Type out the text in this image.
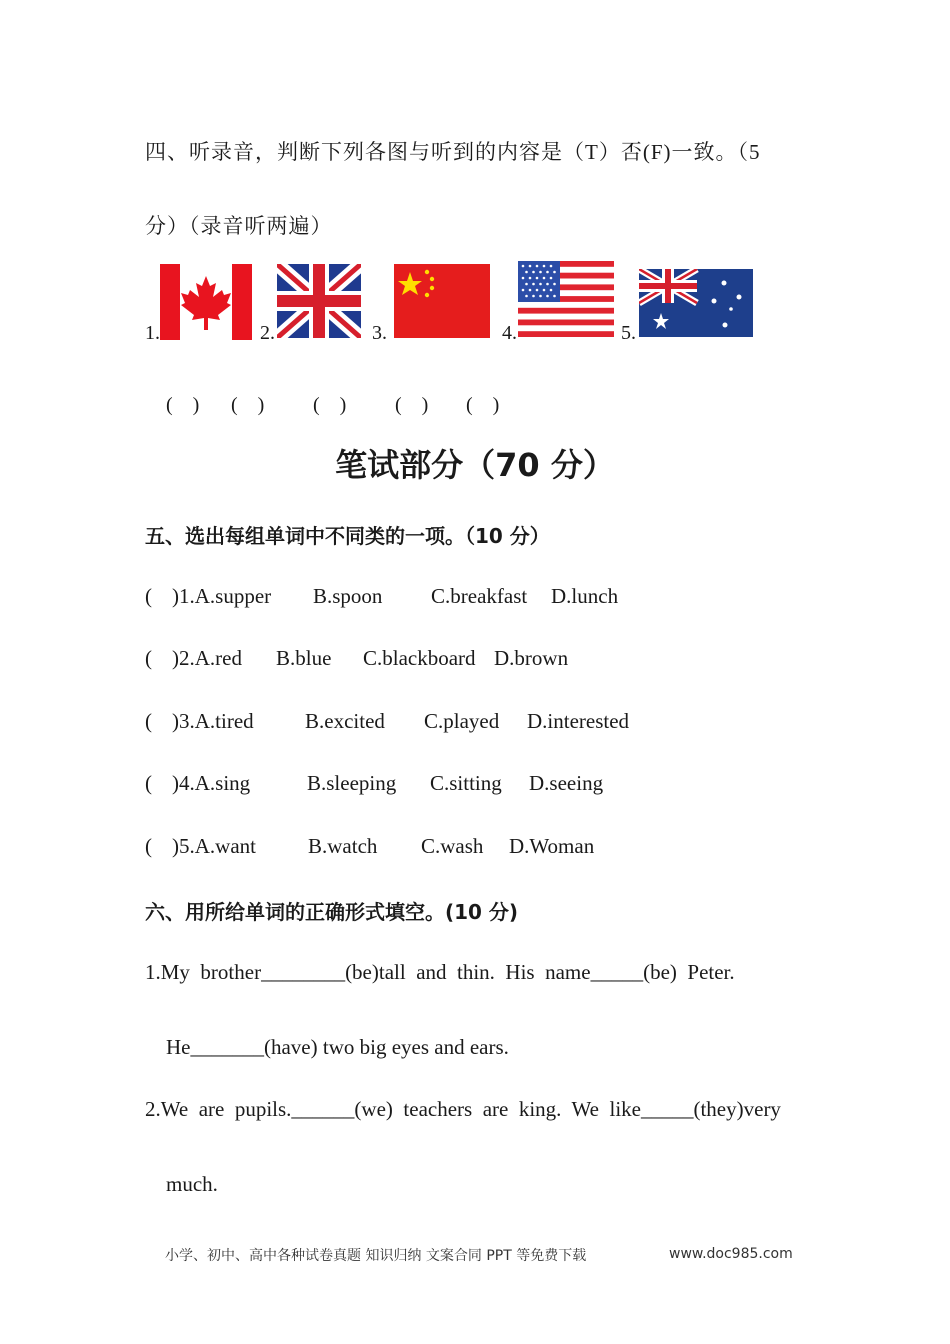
四、听录音，判断下列各图与听到的内容是（T）否(F)一致。（5
分）（录音听两遍）
1.	2.	3.	4.	5.
(　) (　) (　) (　) (　)
笔试部分（70 分）
五、选出每组单词中不同类的一项。（10 分）
( )1.A.supper B.spoon C.breakfast D.lunch
( )2.A.red B.blue C.blackboard D.brown
( )3.A.tired B.excited C.played D.interested
( )4.A.sing	B.sleeping C.sitting D.seeing
( )5.A.want B.watch C.wash D.Woman
六、用所给单词的正确形式填空。(10 分)
1.My  brother________(be)tall  and  thin.  His  name_____(be)  Peter.
He_______(have) two big eyes and ears.
2.We  are  pupils.______(we)  teachers  are  king.  We  like_____(they)very
much.
小学、初中、高中各种试卷真题 知识归纳 文案合同 PPT 等免费下载	www.doc985.com
